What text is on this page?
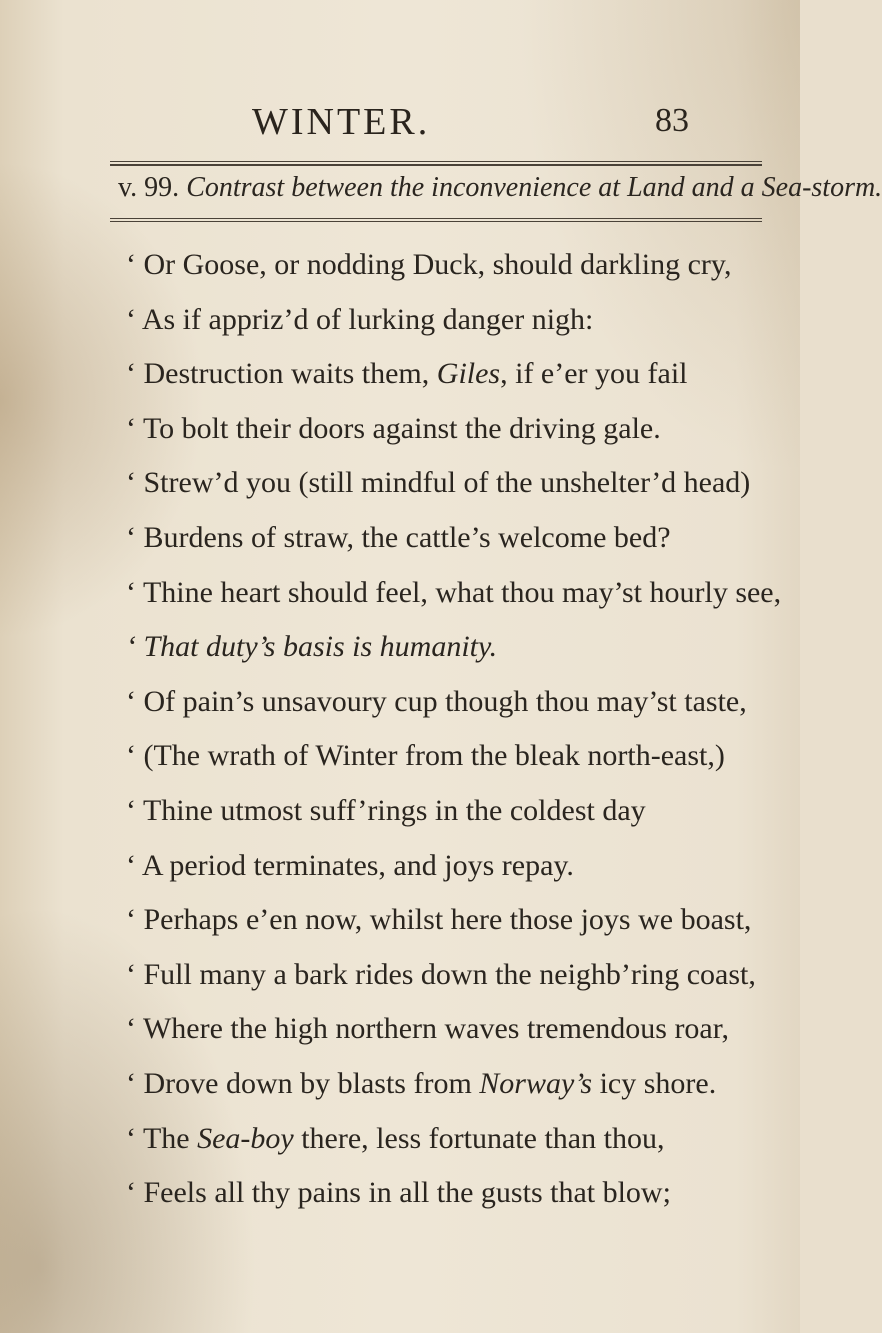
WINTER.	83
v. 99. Contrast between the inconvenience at Land and a Sea-storm.
‘ Or Goose, or nodding Duck, should darkling cry,
‘ As if appriz’d of lurking danger nigh:
‘ Destruction waits them, Giles, if e’er you fail
‘ To bolt their doors against the driving gale.
‘ Strew’d you (still mindful of the unshelter’d head)
‘ Burdens of straw, the cattle’s welcome bed?
‘ Thine heart should feel, what thou may’st hourly see,
‘ That duty’s basis is humanity.
‘ Of pain’s unsavoury cup though thou may’st taste,
‘ (The wrath of Winter from the bleak north-east,)
‘ Thine utmost suff’rings in the coldest day
‘ A period terminates, and joys repay.
‘ Perhaps e’en now, whilst here those joys we boast,
‘ Full many a bark rides down the neighb’ring coast,
‘ Where the high northern waves tremendous roar,
‘ Drove down by blasts from Norway’s icy shore.
‘ The Sea-boy there, less fortunate than thou,
‘ Feels all thy pains in all the gusts that blow;
